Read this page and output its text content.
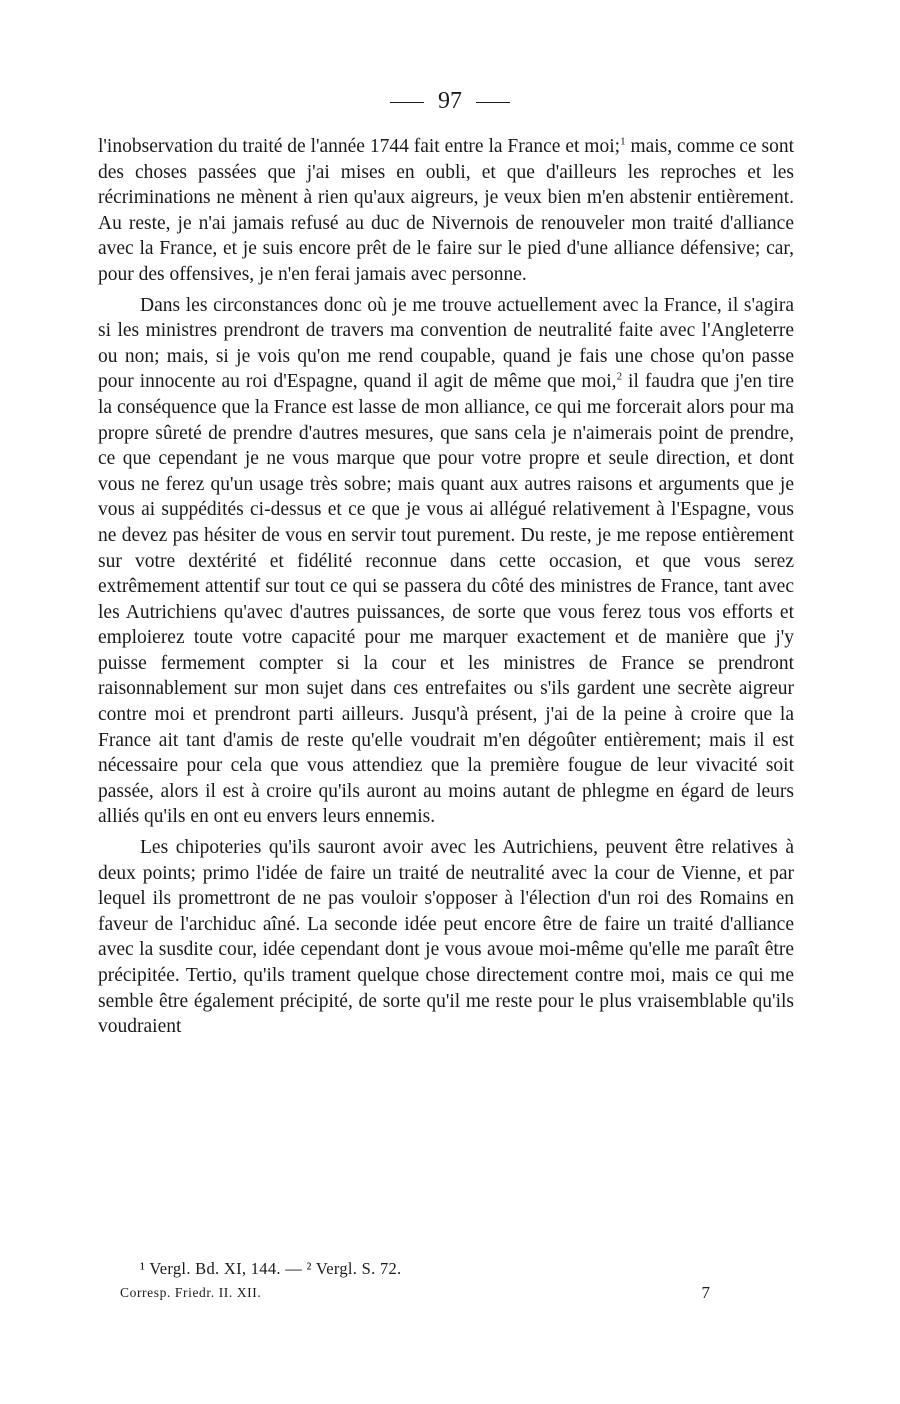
97

l'inobservation du traité de l'année 1744 fait entre la France et moi;$^1$ mais, comme ce sont des choses passées que j'ai mises en oubli, et que d'ailleurs les reproches et les récriminations ne mènent à rien qu'aux aigreurs, je veux bien m'en abstenir entièrement. Au reste, je n'ai jamais refusé au duc de Nivernois de renouveler mon traité d'alliance avec la France, et je suis encore prêt de le faire sur le pied d'une alliance défensive; car, pour des offensives, je n'en ferai jamais avec personne.

Dans les circonstances donc où je me trouve actuellement avec la France, il s'agira si les ministres prendront de travers ma convention de neutralité faite avec l'Angleterre ou non; mais, si je vois qu'on me rend coupable, quand je fais une chose qu'on passe pour innocente au roi d'Espagne, quand il agit de même que moi,$^2$ il faudra que j'en tire la conséquence que la France est lasse de mon alliance, ce qui me forcerait alors pour ma propre sûreté de prendre d'autres mesures, que sans cela je n'aimerais point de prendre, ce que cependant je ne vous marque que pour votre propre et seule direction, et dont vous ne ferez qu'un usage très sobre; mais quant aux autres raisons et arguments que je vous ai suppédités ci-dessus et ce que je vous ai allégué relativement à l'Espagne, vous ne devez pas hésiter de vous en servir tout purement. Du reste, je me repose entièrement sur votre dextérité et fidélité reconnue dans cette occasion, et que vous serez extrêmement attentif sur tout ce qui se passera du côté des ministres de France, tant avec les Autrichiens qu'avec d'autres puissances, de sorte que vous ferez tous vos efforts et emploierez toute votre capacité pour me marquer exactement et de manière que j'y puisse fermement compter si la cour et les ministres de France se prendront raisonnablement sur mon sujet dans ces entrefaites ou s'ils gardent une secrète aigreur contre moi et prendront parti ailleurs. Jusqu'à présent, j'ai de la peine à croire que la France ait tant d'amis de reste qu'elle voudrait m'en dégoûter entièrement; mais il est nécessaire pour cela que vous attendiez que la première fougue de leur vivacité soit passée, alors il est à croire qu'ils auront au moins autant de phlegme en égard de leurs alliés qu'ils en ont eu envers leurs ennemis.

Les chipoteries qu'ils sauront avoir avec les Autrichiens, peuvent être relatives à deux points; primo l'idée de faire un traité de neutralité avec la cour de Vienne, et par lequel ils promettront de ne pas vouloir s'opposer à l'élection d'un roi des Romains en faveur de l'archiduc aîné. La seconde idée peut encore être de faire un traité d'alliance avec la susdite cour, idée cependant dont je vous avoue moi-même qu'elle me paraît être précipitée. Tertio, qu'ils trament quelque chose directement contre moi, mais ce qui me semble être également précipité, de sorte qu'il me reste pour le plus vraisemblable qu'ils voudraient

¹ Vergl. Bd. XI, 144. — ² Vergl. S. 72.
Corresp. Friedr. II. XII.	7
